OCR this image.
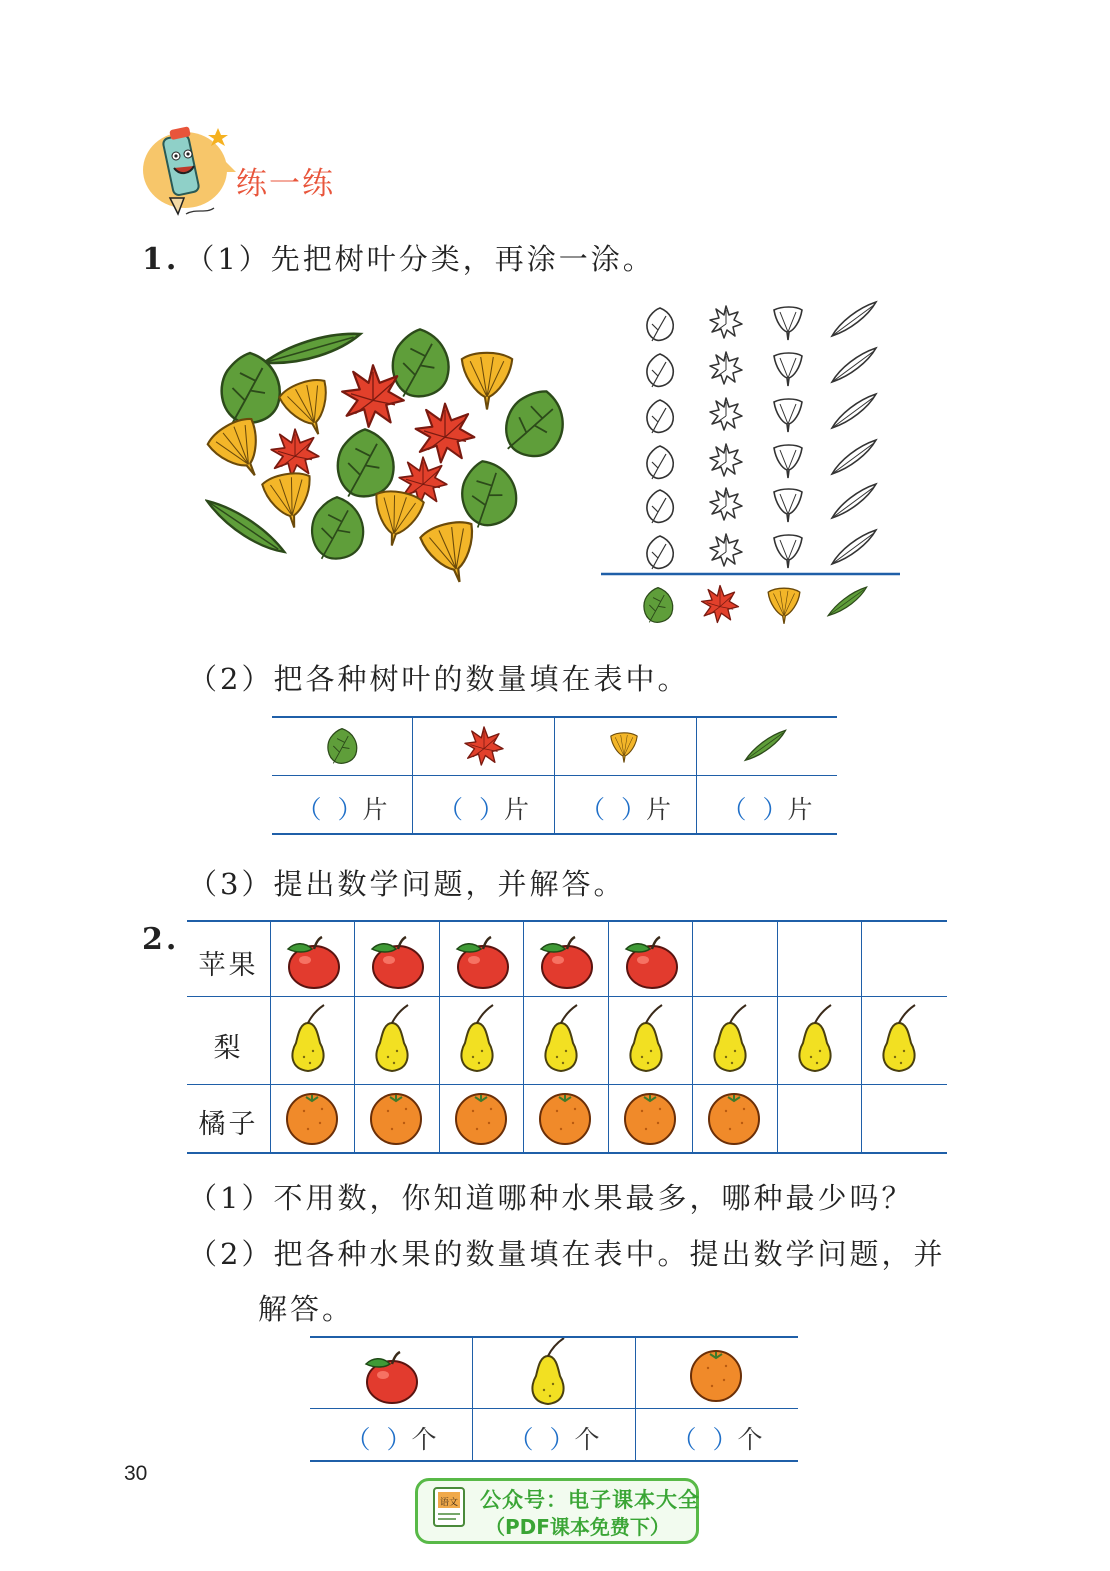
练一练
1. （1）先把树叶分类，再涂一涂。
（2）把各种树叶的数量填在表中。
（ ）片	（ ）片	（ ）片	（ ）片
（3）提出数学问题，并解答。
2.
苹果
梨
橘子
（1）不用数，你知道哪种水果最多，哪种最少吗？
（2）把各种水果的数量填在表中。提出数学问题，并
解答。
（ ）个	（ ）个	（ ）个
30
语文 公众号：电子课本大全
（PDF课本免费下）
